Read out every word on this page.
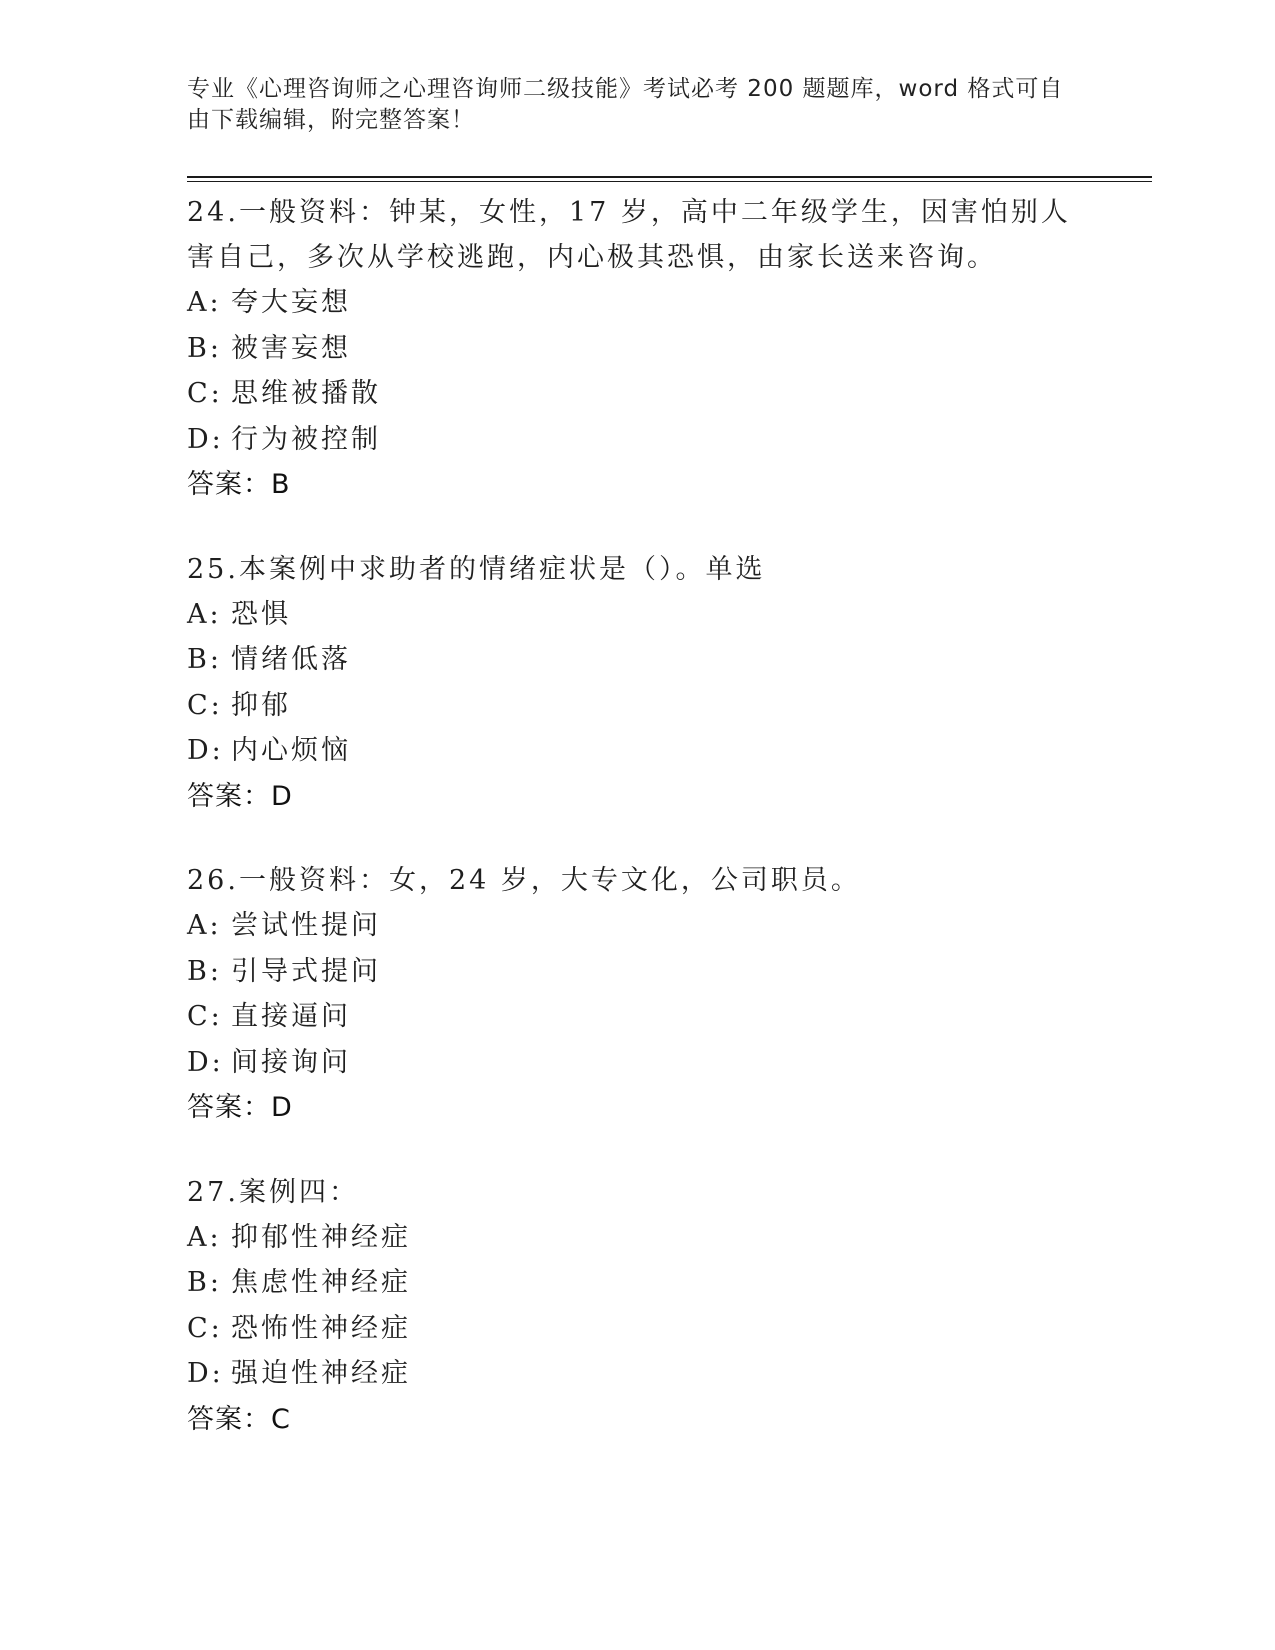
专业《心理咨询师之心理咨询师二级技能》考试必考 200 题题库，word 格式可自由下载编辑，附完整答案！
24.一般资料：钟某，女性，17 岁，高中二年级学生，因害怕别人害自己，多次从学校逃跑，内心极其恐惧，由家长送来咨询。
A: 夸大妄想
B: 被害妄想
C: 思维被播散
D: 行为被控制
答案：B
25.本案例中求助者的情绪症状是（）。单选
A: 恐惧
B: 情绪低落
C: 抑郁
D: 内心烦恼
答案：D
26.一般资料：女，24 岁，大专文化，公司职员。
A: 尝试性提问
B: 引导式提问
C: 直接逼问
D: 间接询问
答案：D
27.案例四：
A: 抑郁性神经症
B: 焦虑性神经症
C: 恐怖性神经症
D: 强迫性神经症
答案：C
